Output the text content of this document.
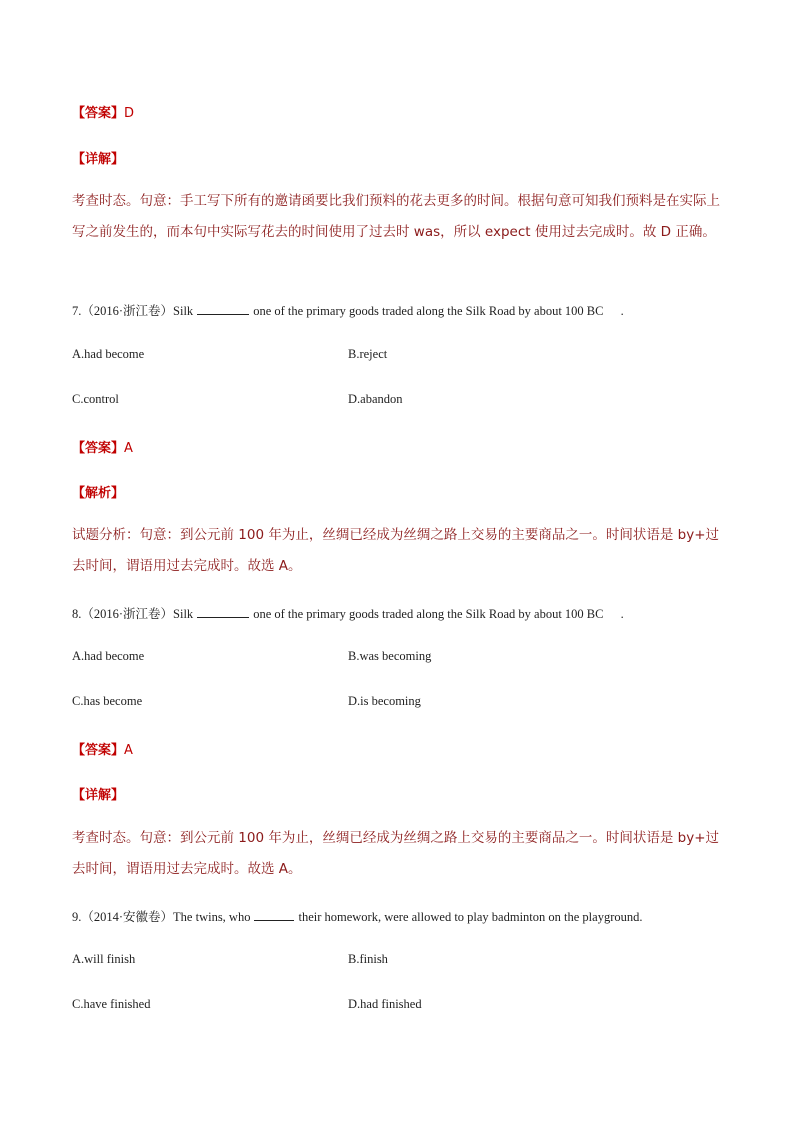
【答案】D
【详解】
考查时态。句意：手工写下所有的邀请函要比我们预料的花去更多的时间。根据句意可知我们预料是在实际上写之前发生的，而本句中实际写花去的时间使用了过去时 was，所以 expect 使用过去完成时。故 D 正确。
7.（2016·浙江卷）Silk	one of the primary goods traded along the Silk Road by about 100 BC .
A.had become	B.reject
C.control	D.abandon
【答案】A
【解析】
试题分析：句意：到公元前 100 年为止，丝绸已经成为丝绸之路上交易的主要商品之一。时间状语是 by+过去时间，谓语用过去完成时。故选 A。
8.（2016·浙江卷）Silk	one of the primary goods traded along the Silk Road by about 100 BC .
A.had become	B.was becoming
C.has become	D.is becoming
【答案】A
【详解】
考查时态。句意：到公元前 100 年为止，丝绸已经成为丝绸之路上交易的主要商品之一。时间状语是 by+过去时间，谓语用过去完成时。故选 A。
9.（2014·安徽卷）The twins, who	their homework, were allowed to play badminton on the playground.
A.will finish	B.finish
C.have finished	D.had finished
